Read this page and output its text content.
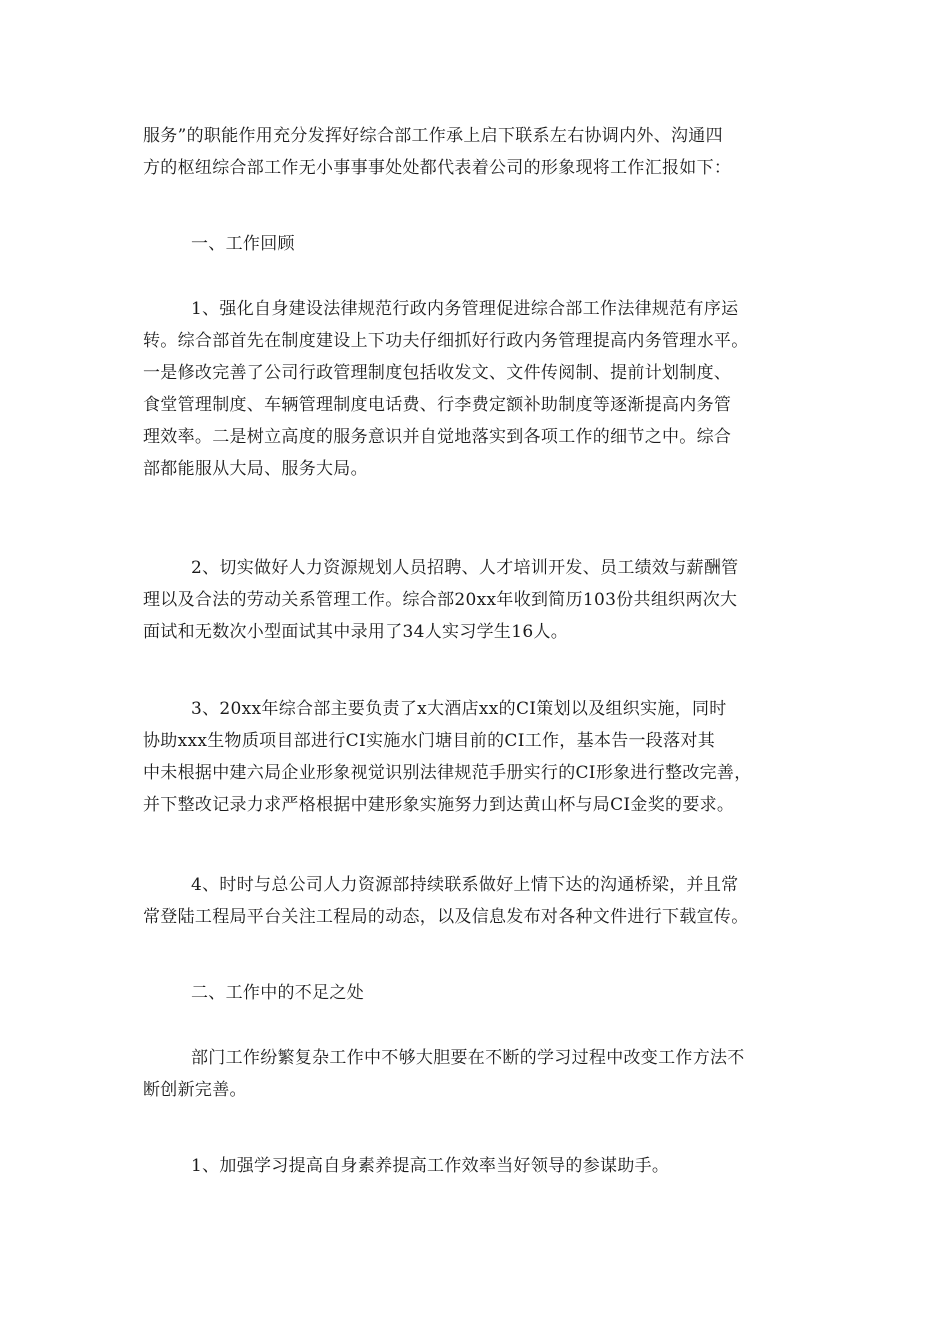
服务”的职能作用充分发挥好综合部工作承上启下联系左右协调内外、沟通四
方的枢纽综合部工作无小事事事处处都代表着公司的形象现将工作汇报如下：
一、工作回顾
1、强化自身建设法律规范行政内务管理促进综合部工作法律规范有序运
转。综合部首先在制度建设上下功夫仔细抓好行政内务管理提高内务管理水平。
一是修改完善了公司行政管理制度包括收发文、文件传阅制、提前计划制度、
食堂管理制度、车辆管理制度电话费、行李费定额补助制度等逐渐提高内务管
理效率。二是树立高度的服务意识并自觉地落实到各项工作的细节之中。综合
部都能服从大局、服务大局。
2、切实做好人力资源规划人员招聘、人才培训开发、员工绩效与薪酬管
理以及合法的劳动关系管理工作。综合部20xx年收到简历103份共组织两次大
面试和无数次小型面试其中录用了34人实习学生16人。
3、20xx年综合部主要负责了x大酒店xx的CI策划以及组织实施，同时
协助xxx生物质项目部进行CI实施水门塘目前的CI工作，基本告一段落对其
中未根据中建六局企业形象视觉识别法律规范手册实行的CI形象进行整改完善，
并下整改记录力求严格根据中建形象实施努力到达黄山杯与局CI金奖的要求。
4、时时与总公司人力资源部持续联系做好上情下达的沟通桥梁，并且常
常登陆工程局平台关注工程局的动态，以及信息发布对各种文件进行下载宣传。
二、工作中的不足之处
部门工作纷繁复杂工作中不够大胆要在不断的学习过程中改变工作方法不
断创新完善。
1、加强学习提高自身素养提高工作效率当好领导的参谋助手。
